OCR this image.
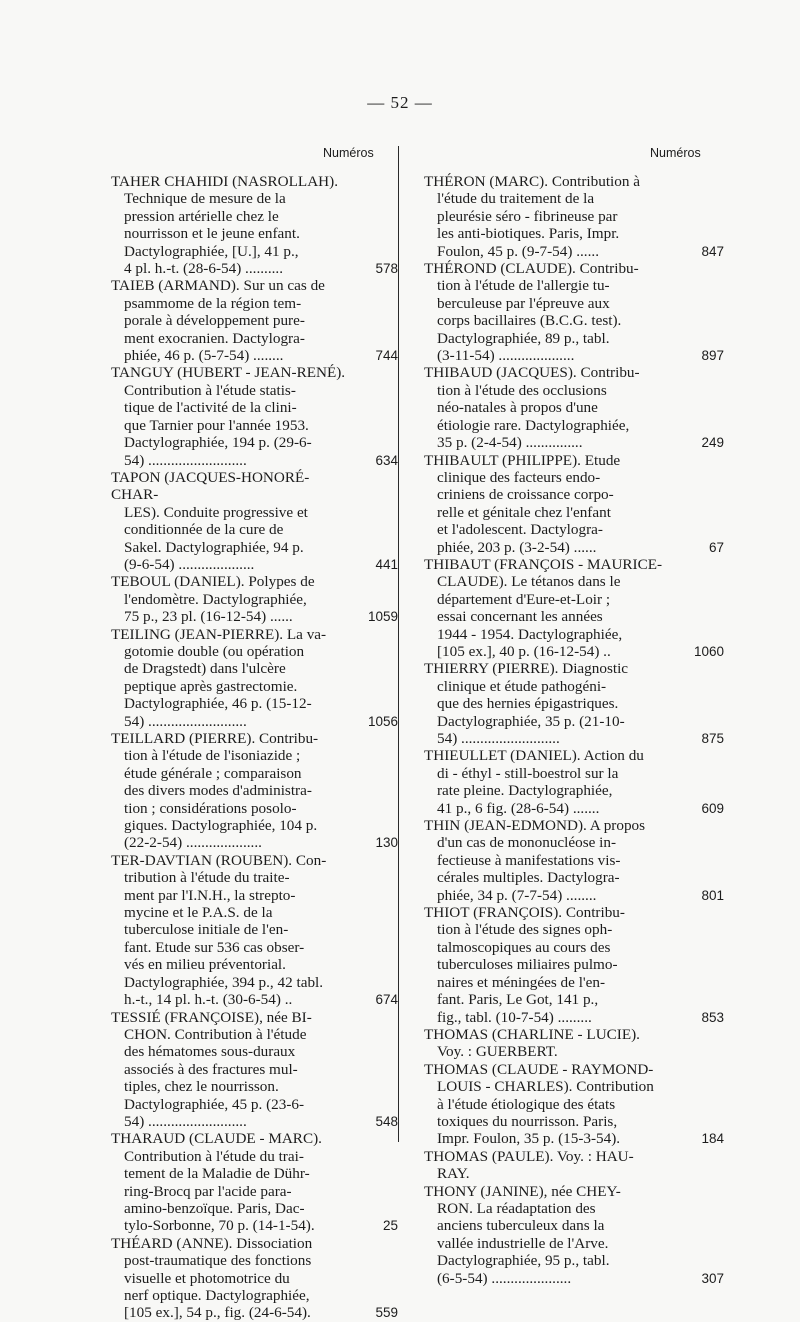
— 52 —
Numéros	Numéros
TAHER CHAHIDI (NASROLLAH).
Technique de mesure de la
pression artérielle chez le
nourrisson et le jeune enfant.
Dactylographiée, [U.], 41 p.,
4 pl. h.-t. (28-6-54) ..........	578
TAIEB (ARMAND). Sur un cas de
psammome de la région tem-
porale à développement pure-
ment exocranien. Dactylogra-
phiée, 46 p. (5-7-54) ........	744
TANGUY (HUBERT - JEAN-RENÉ).
Contribution à l'étude statis-
tique de l'activité de la clini-
que Tarnier pour l'année 1953.
Dactylographiée, 194 p. (29-6-
54) ..........................	634
TAPON (JACQUES-HONORÉ-CHAR-
LES). Conduite progressive et
conditionnée de la cure de
Sakel. Dactylographiée, 94 p.
(9-6-54) ....................	441
TEBOUL (DANIEL). Polypes de
l'endomètre. Dactylographiée,
75 p., 23 pl. (16-12-54) ......	1059
TEILING (JEAN-PIERRE). La va-
gotomie double (ou opération
de Dragstedt) dans l'ulcère
peptique après gastrectomie.
Dactylographiée, 46 p. (15-12-
54) ..........................	1056
TEILLARD (PIERRE). Contribu-
tion à l'étude de l'isoniazide ;
étude générale ; comparaison
des divers modes d'administra-
tion ; considérations posolo-
giques. Dactylographiée, 104 p.
(22-2-54) ....................	130
TER-DAVTIAN (ROUBEN). Con-
tribution à l'étude du traite-
ment par l'I.N.H., la strepto-
mycine et le P.A.S. de la
tuberculose initiale de l'en-
fant. Etude sur 536 cas obser-
vés en milieu préventorial.
Dactylographiée, 394 p., 42 tabl.
h.-t., 14 pl. h.-t. (30-6-54) ..	674
TESSIÉ (FRANÇOISE), née BI-
CHON. Contribution à l'étude
des hématomes sous-duraux
associés à des fractures mul-
tiples, chez le nourrisson.
Dactylographiée, 45 p. (23-6-
54) ..........................	548
THARAUD (CLAUDE - MARC).
Contribution à l'étude du trai-
tement de la Maladie de Dühr-
ring-Brocq par l'acide para-
amino-benzoïque. Paris, Dac-
tylo-Sorbonne, 70 p. (14-1-54).	25
THÉARD (ANNE). Dissociation
post-traumatique des fonctions
visuelle et photomotrice du
nerf optique. Dactylographiée,
[105 ex.], 54 p., fig. (24-6-54).	559
THÉRON (MARC). Contribution à
l'étude du traitement de la
pleurésie séro - fibrineuse par
les anti-biotiques. Paris, Impr.
Foulon, 45 p. (9-7-54) ......	847
THÉROND (CLAUDE). Contribu-
tion à l'étude de l'allergie tu-
berculeuse par l'épreuve aux
corps bacillaires (B.C.G. test).
Dactylographiée, 89 p., tabl.
(3-11-54) ....................	897
THIBAUD (JACQUES). Contribu-
tion à l'étude des occlusions
néo-natales à propos d'une
étiologie rare. Dactylographiée,
35 p. (2-4-54) ...............	249
THIBAULT (PHILIPPE). Etude
clinique des facteurs endo-
criniens de croissance corpo-
relle et génitale chez l'enfant
et l'adolescent. Dactylogra-
phiée, 203 p. (3-2-54) ......	67
THIBAUT (FRANÇOIS - MAURICE-
CLAUDE). Le tétanos dans le
département d'Eure-et-Loir ;
essai concernant les années
1944 - 1954. Dactylographiée,
[105 ex.], 40 p. (16-12-54) ..	1060
THIERRY (PIERRE). Diagnostic
clinique et étude pathogéni-
que des hernies épigastriques.
Dactylographiée, 35 p. (21-10-
54) ..........................	875
THIEULLET (DANIEL). Action du
di - éthyl - still-boestrol sur la
rate pleine. Dactylographiée,
41 p., 6 fig. (28-6-54) .......	609
THIN (JEAN-EDMOND). A propos
d'un cas de mononucléose in-
fectieuse à manifestations vis-
cérales multiples. Dactylogra-
phiée, 34 p. (7-7-54) ........	801
THIOT (FRANÇOIS). Contribu-
tion à l'étude des signes oph-
talmoscopiques au cours des
tuberculoses miliaires pulmo-
naires et méningées de l'en-
fant. Paris, Le Got, 141 p.,
fig., tabl. (10-7-54) .........	853
THOMAS (CHARLINE - LUCIE).
Voy. : GUERBERT.
THOMAS (CLAUDE - RAYMOND-
LOUIS - CHARLES). Contribution
à l'étude étiologique des états
toxiques du nourrisson. Paris,
Impr. Foulon, 35 p. (15-3-54).	184
THOMAS (PAULE). Voy. : HAU-
RAY.
THONY (JANINE), née CHEY-
RON. La réadaptation des
anciens tuberculeux dans la
vallée industrielle de l'Arve.
Dactylographiée, 95 p., tabl.
(6-5-54) .....................	307
